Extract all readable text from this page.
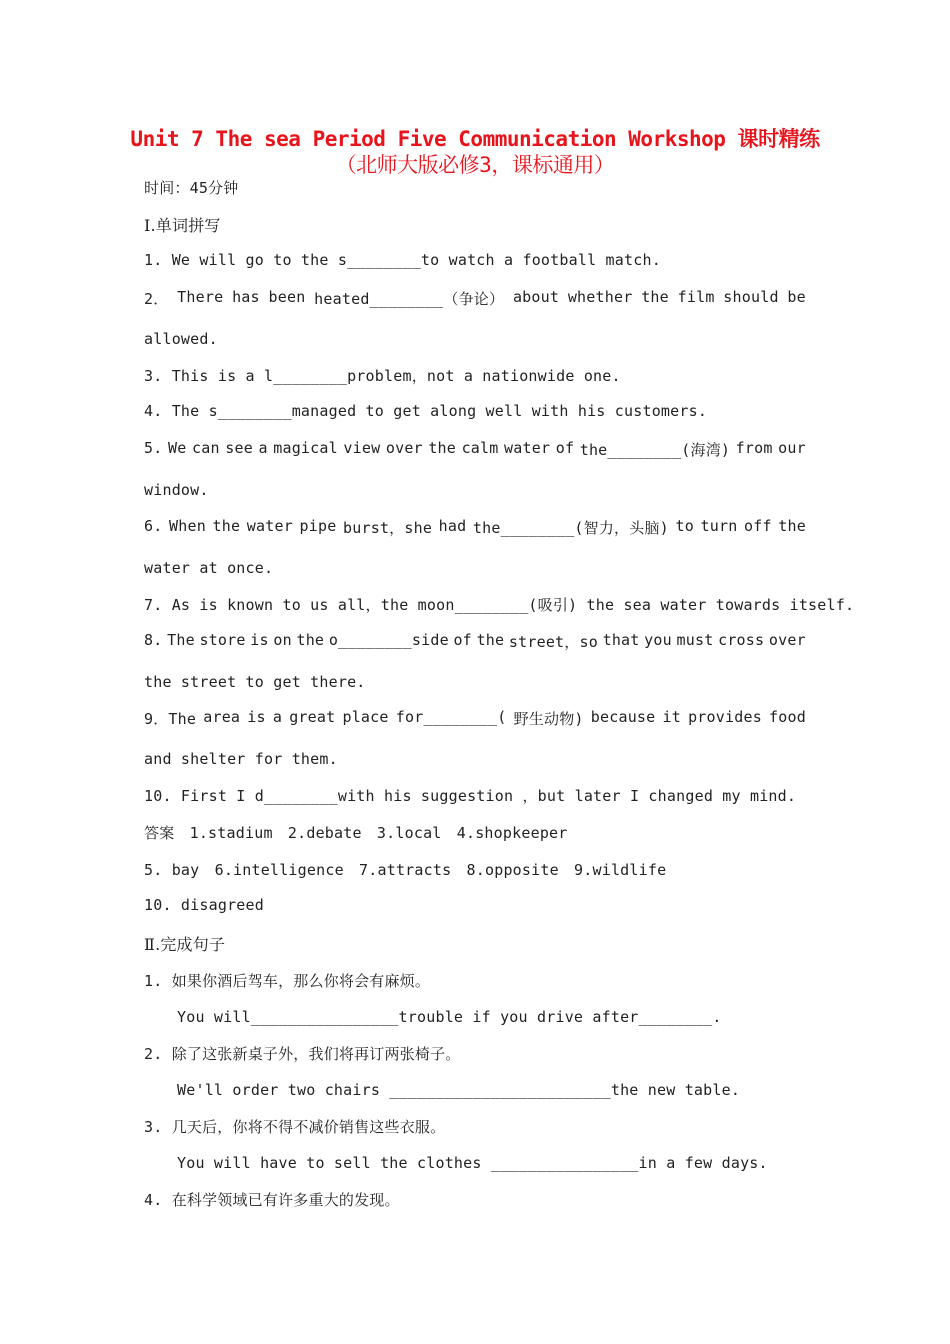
Unit 7 The sea Period Five Communication Workshop 课时精练
（北师大版必修3，课标通用）
时间：45分钟
Ⅰ.单词拼写
1. We will go to the s________to watch a football match.
2． There has been heated________（争论） about whether the film should be
allowed.
3. This is a l________problem，not a nationwide one.
4. The s________managed to get along well with his customers.
5. We can see a magical view over the calm water of the________(海湾) from our
window.
6. When the water pipe burst，she had the________(智力，头脑) to turn off the
water at once.
7. As is known to us all，the moon________(吸引) the sea water towards itself.
8. The store is on the o________side of the street，so that you must cross over
the street to get there.
9．The area is a great place for________( 野生动物) because it provides food
and shelter for them.
10. First I d________with his suggestion ，but later I changed my mind.
答案　1.stadium　2.debate　3.local　4.shopkeeper
5. bay　6.intelligence　7.attracts　8.opposite　9.wildlife
10. disagreed
Ⅱ.完成句子
1. 如果你酒后驾车，那么你将会有麻烦。
You will________________trouble if you drive after________.
2. 除了这张新桌子外，我们将再订两张椅子。
We'll order two chairs ________________________the new table.
3. 几天后，你将不得不减价销售这些衣服。
You will have to sell the clothes ________________in a few days.
4. 在科学领域已有许多重大的发现。
